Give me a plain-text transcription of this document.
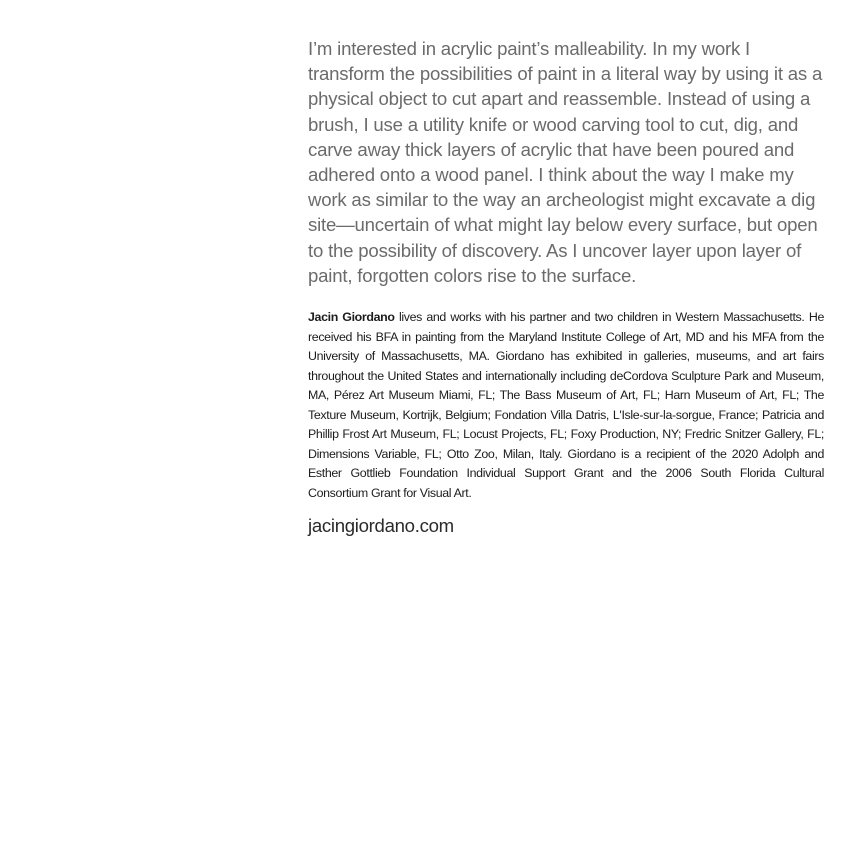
I’m interested in acrylic paint’s malleability. In my work I transform the possibilities of paint in a literal way by using it as a physical object to cut apart and reassemble. Instead of using a brush, I use a utility knife or wood carving tool to cut, dig, and carve away thick layers of acrylic that have been poured and adhered onto a wood panel. I think about the way I make my work as similar to the way an archeologist might excavate a dig site—uncertain of what might lay below every surface, but open to the possibility of discovery. As I uncover layer upon layer of paint, forgotten colors rise to the surface.

Jacin Giordano lives and works with his partner and two children in Western Massachusetts. He received his BFA in painting from the Maryland Institute College of Art, MD and his MFA from the University of Massachusetts, MA. Giordano has exhibited in galleries, museums, and art fairs throughout the United States and internationally including deCordova Sculpture Park and Museum, MA, Pérez Art Museum Miami, FL; The Bass Museum of Art, FL; Harn Museum of Art, FL; The Texture Museum, Kortrijk, Belgium; Fondation Villa Datris, L'Isle-sur-la-sorgue, France; Patricia and Phillip Frost Art Museum, FL; Locust Projects, FL; Foxy Production, NY; Fredric Snitzer Gallery, FL; Dimensions Variable, FL; Otto Zoo, Milan, Italy. Giordano is a recipient of the 2020 Adolph and Esther Gottlieb Foundation Individual Support Grant and the 2006 South Florida Cultural Consortium Grant for Visual Art.

jacingiordano.com
